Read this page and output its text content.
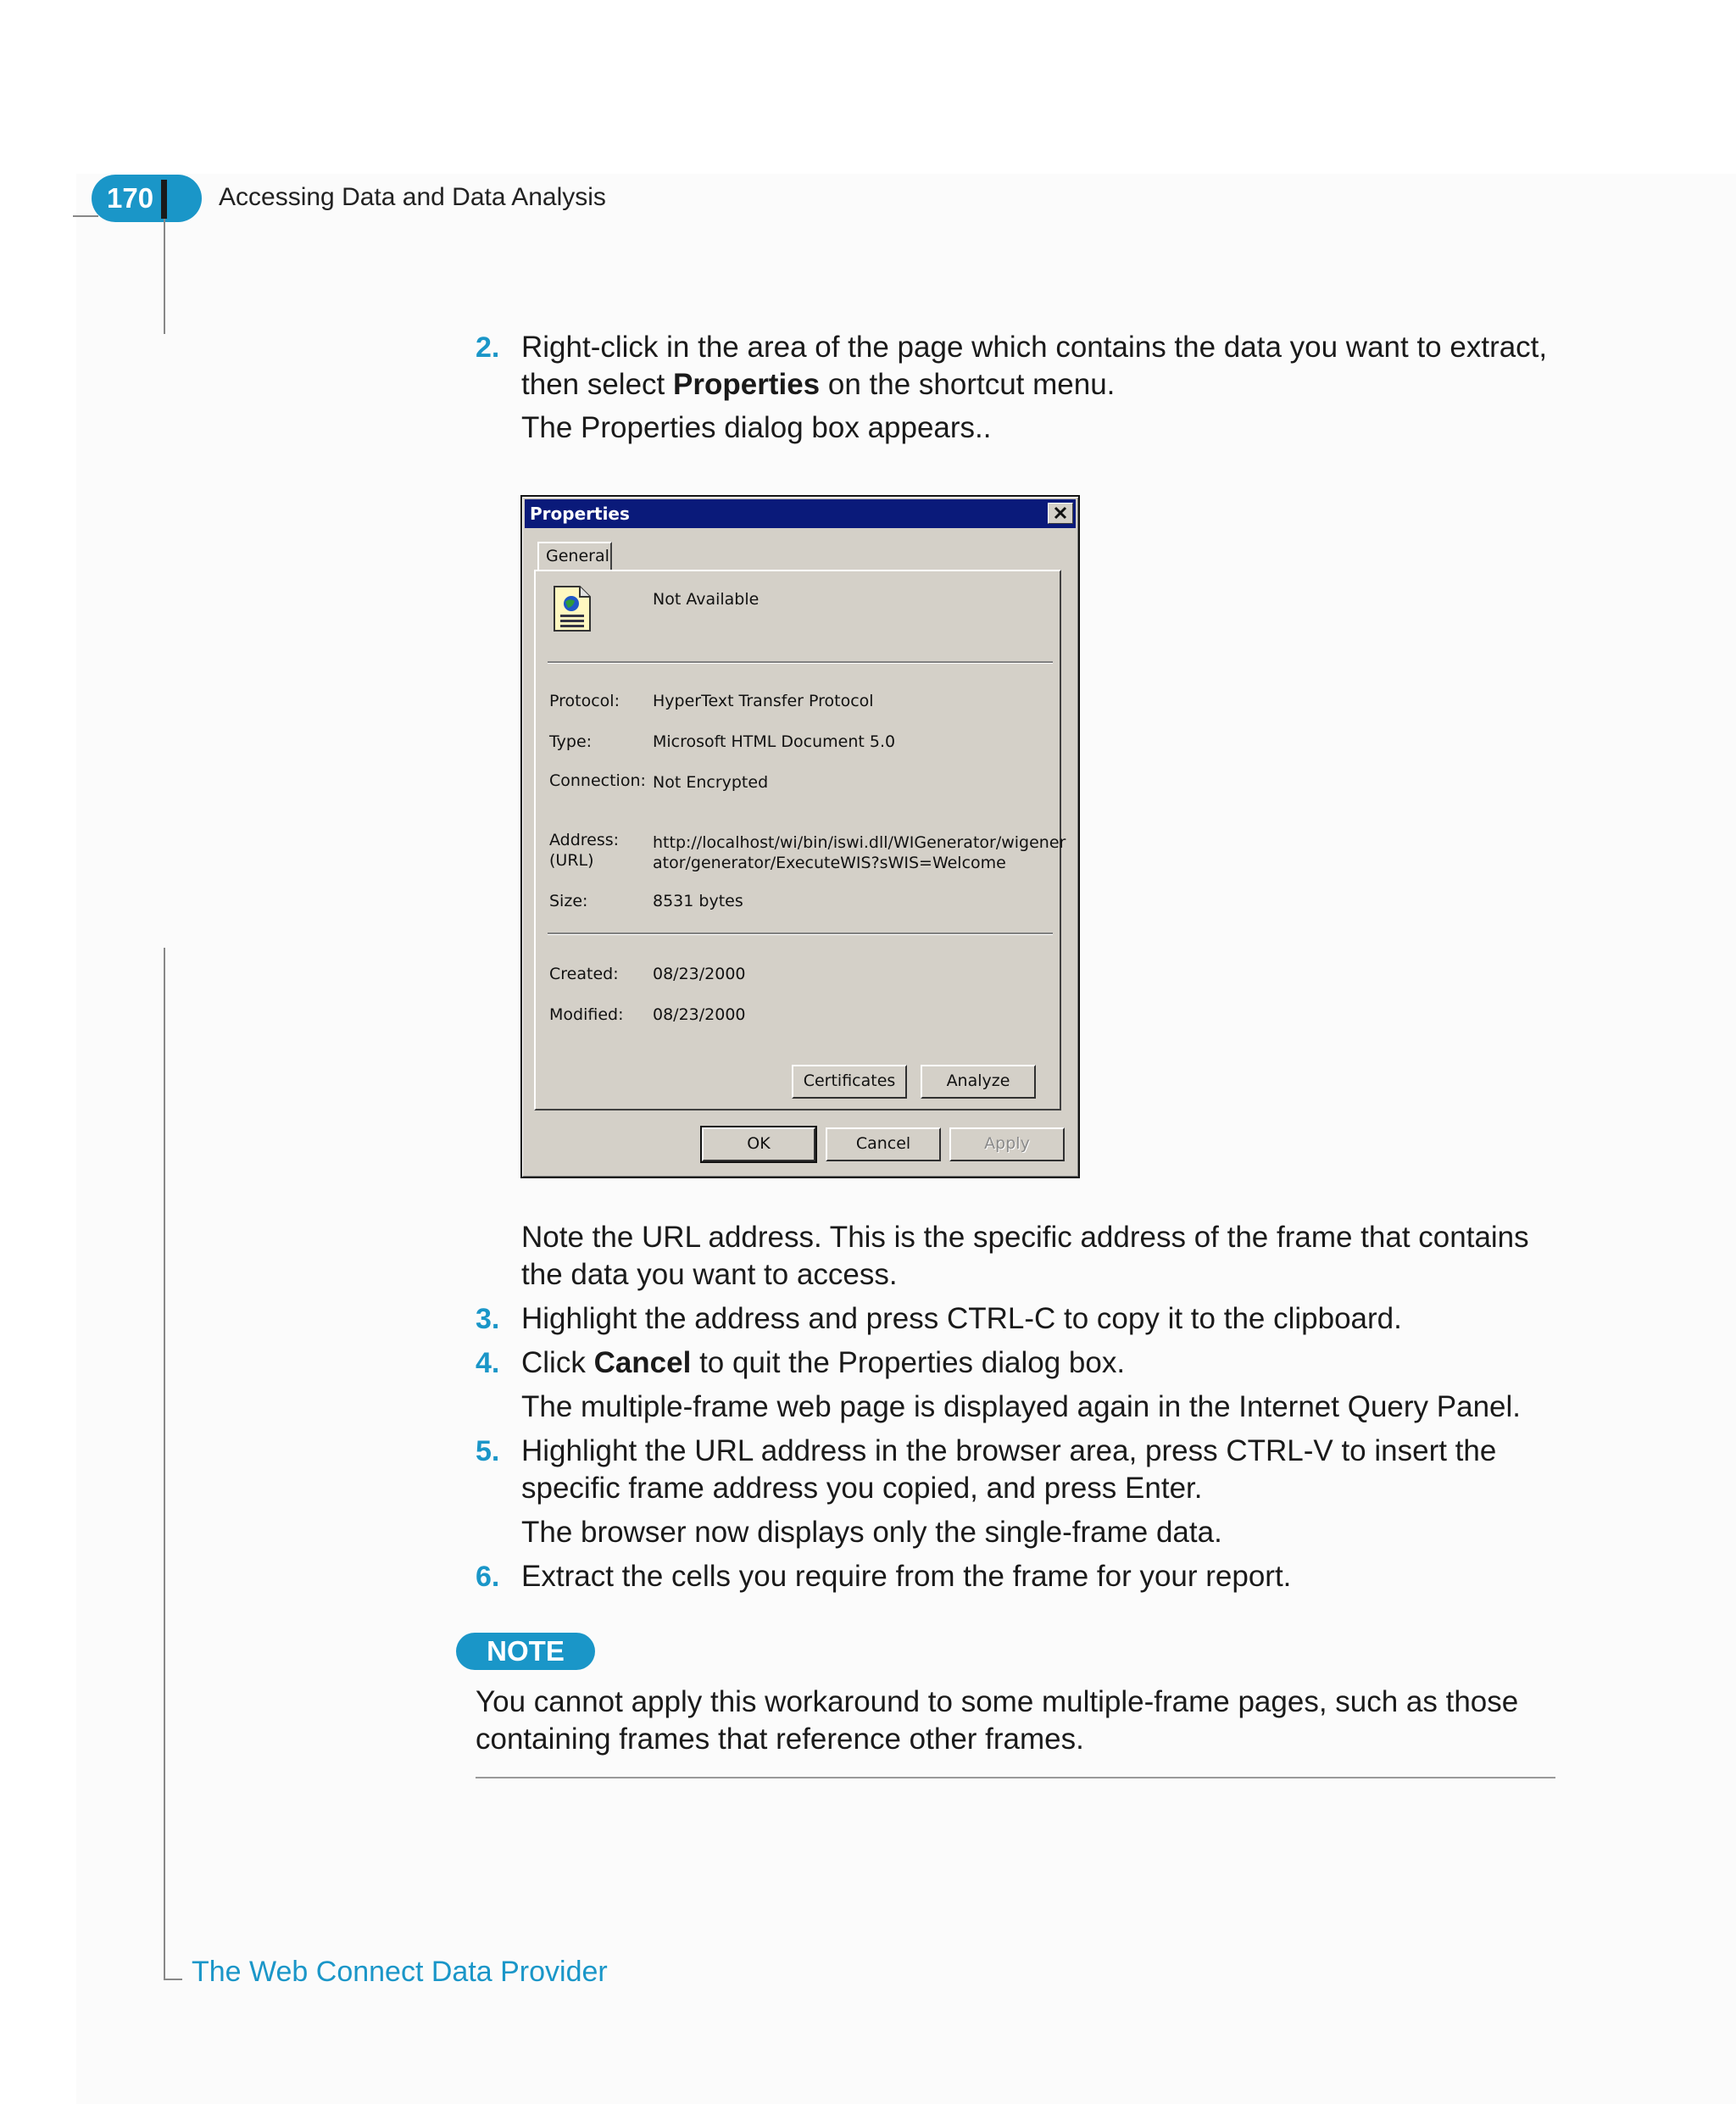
170	Accessing Data and Data Analysis
2. Right-click in the area of the page which contains the data you want to extract, then select Properties on the shortcut menu.
The Properties dialog box appears..
Properties
General
Not Available
Protocol: HyperText Transfer Protocol
Type:	Microsoft HTML Document 5.0
Connection: Not Encrypted
Address:
(URL)
http://localhost/wi/bin/iswi.dll/WIGenerator/wigener
ator/generator/ExecuteWIS?sWIS=Welcome
Size:	8531 bytes
Created: 08/23/2000
Modified: 08/23/2000
Certificates	Analyze
OK	Cancel	Apply
Note the URL address. This is the specific address of the frame that contains the data you want to access.
3. Highlight the address and press CTRL-C to copy it to the clipboard.
4. Click Cancel to quit the Properties dialog box.
The multiple-frame web page is displayed again in the Internet Query Panel.
5. Highlight the URL address in the browser area, press CTRL-V to insert the specific frame address you copied, and press Enter.
The browser now displays only the single-frame data.
6. Extract the cells you require from the frame for your report.
NOTE
You cannot apply this workaround to some multiple-frame pages, such as those containing frames that reference other frames.
The Web Connect Data Provider
